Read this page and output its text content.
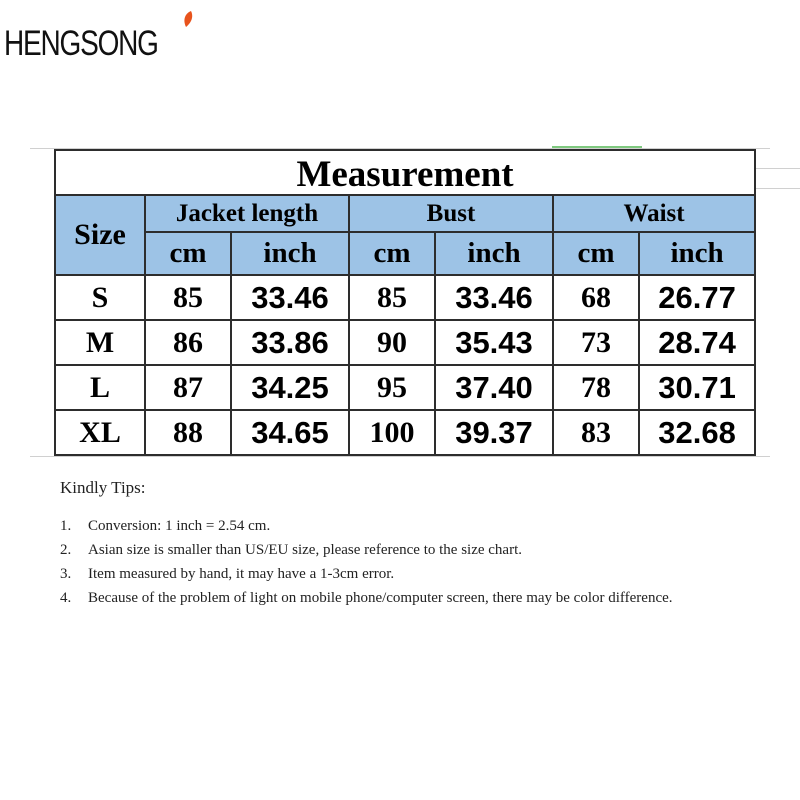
HENGSONG
Measurement						
Size	Jacket length		Bust		Waist	
	cm	inch	cm	inch	cm	inch
S	85	33.46	85	33.46	68	26.77
M	86	33.86	90	35.43	73	28.74
L	87	34.25	95	37.40	78	30.71
XL	88	34.65	100	39.37	83	32.68
Kindly Tips:
1.	Conversion: 1 inch = 2.54 cm.
2.	Asian size is smaller than US/EU size, please reference to the size chart.
3.	Item measured by hand, it may have a 1-3cm error.
4.	Because of the problem of light on mobile phone/computer screen, there may be color difference.
